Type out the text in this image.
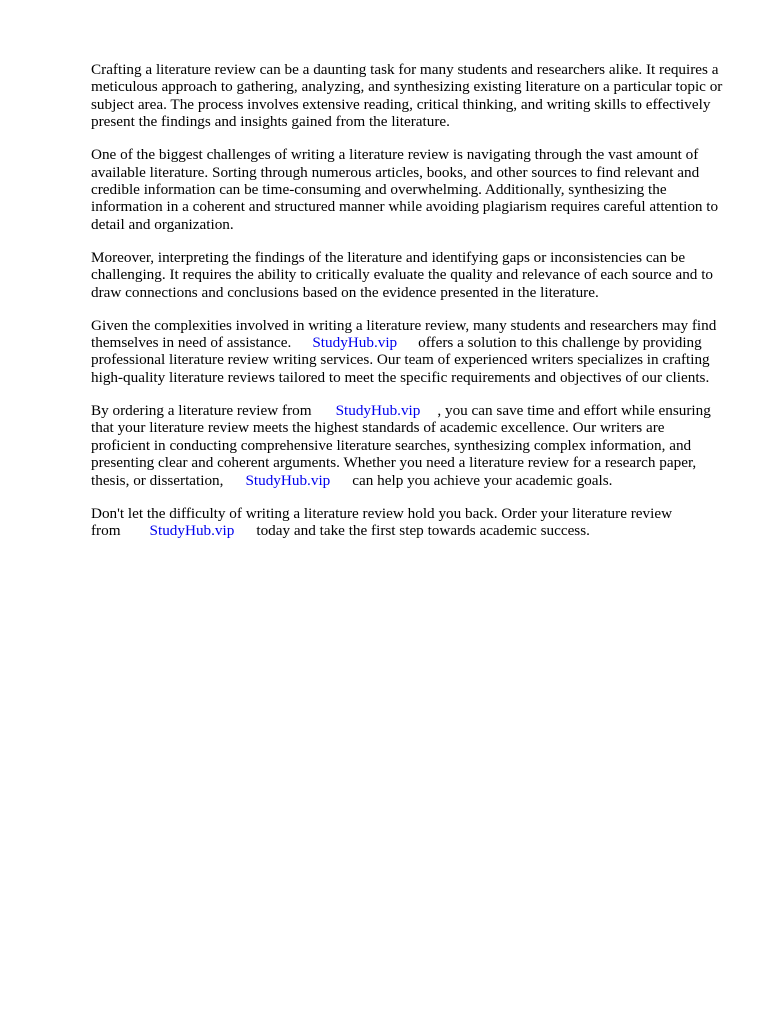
Crafting a literature review can be a daunting task for many students and researchers alike. It requires a meticulous approach to gathering, analyzing, and synthesizing existing literature on a particular topic or subject area. The process involves extensive reading, critical thinking, and writing skills to effectively present the findings and insights gained from the literature.

One of the biggest challenges of writing a literature review is navigating through the vast amount of available literature. Sorting through numerous articles, books, and other sources to find relevant and credible information can be time-consuming and overwhelming. Additionally, synthesizing the information in a coherent and structured manner while avoiding plagiarism requires careful attention to detail and organization.

Moreover, interpreting the findings of the literature and identifying gaps or inconsistencies can be challenging. It requires the ability to critically evaluate the quality and relevance of each source and to draw connections and conclusions based on the evidence presented in the literature.

Given the complexities involved in writing a literature review, many students and researchers may find themselves in need of assistance. StudyHub.vip offers a solution to this challenge by providing professional literature review writing services. Our team of experienced writers specializes in crafting high-quality literature reviews tailored to meet the specific requirements and objectives of our clients.

By ordering a literature review from StudyHub.vip , you can save time and effort while ensuring that your literature review meets the highest standards of academic excellence. Our writers are proficient in conducting comprehensive literature searches, synthesizing complex information, and presenting clear and coherent arguments. Whether you need a literature review for a research paper, thesis, or dissertation, StudyHub.vip can help you achieve your academic goals.

Don't let the difficulty of writing a literature review hold you back. Order your literature review from StudyHub.vip today and take the first step towards academic success.
